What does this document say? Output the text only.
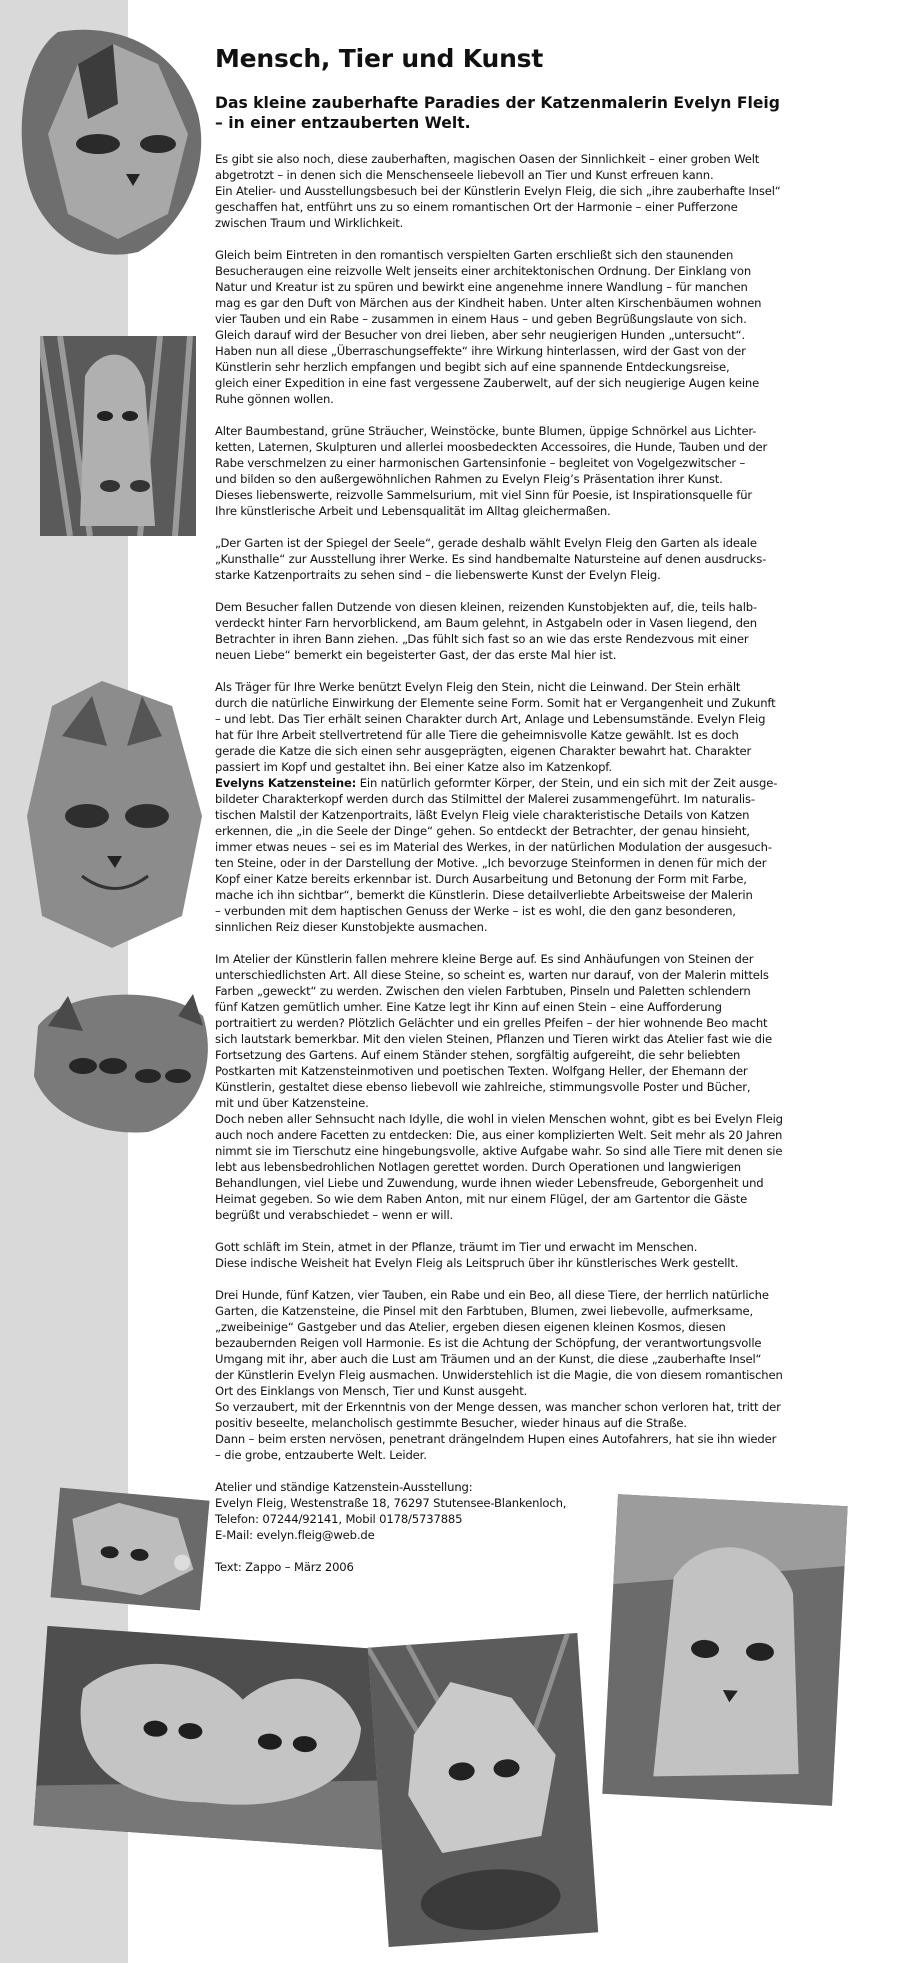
Mensch, Tier und Kunst
Das kleine zauberhafte Paradies der Katzenmalerin Evelyn Fleig
– in einer entzauberten Welt.

Es gibt sie also noch, diese zauberhaften, magischen Oasen der Sinnlichkeit – einer groben Welt
abgetrotzt – in denen sich die Menschenseele liebevoll an Tier und Kunst erfreuen kann.
Ein Atelier- und Ausstellungsbesuch bei der Künstlerin Evelyn Fleig, die sich „ihre zauberhafte Insel“
geschaffen hat, entführt uns zu so einem romantischen Ort der Harmonie – einer Pufferzone
zwischen Traum und Wirklichkeit.

Gleich beim Eintreten in den romantisch verspielten Garten erschließt sich den staunenden
Besucheraugen eine reizvolle Welt jenseits einer architektonischen Ordnung. Der Einklang von
Natur und Kreatur ist zu spüren und bewirkt eine angenehme innere Wandlung – für manchen
mag es gar den Duft von Märchen aus der Kindheit haben. Unter alten Kirschenbäumen wohnen
vier Tauben und ein Rabe – zusammen in einem Haus – und geben Begrüßungslaute von sich.
Gleich darauf wird der Besucher von drei lieben, aber sehr neugierigen Hunden „untersucht“.
Haben nun all diese „Überraschungseffekte“ ihre Wirkung hinterlassen, wird der Gast von der
Künstlerin sehr herzlich empfangen und begibt sich auf eine spannende Entdeckungsreise,
gleich einer Expedition in eine fast vergessene Zauberwelt, auf der sich neugierige Augen keine
Ruhe gönnen wollen.

Alter Baumbestand, grüne Sträucher, Weinstöcke, bunte Blumen, üppige Schnörkel aus Lichter-
ketten, Laternen, Skulpturen und allerlei moosbedeckten Accessoires, die Hunde, Tauben und der
Rabe verschmelzen zu einer harmonischen Gartensinfonie – begleitet von Vogelgezwitscher –
und bilden so den außergewöhnlichen Rahmen zu Evelyn Fleig’s Präsentation ihrer Kunst.
Dieses liebenswerte, reizvolle Sammelsurium, mit viel Sinn für Poesie, ist Inspirationsquelle für
Ihre künstlerische Arbeit und Lebensqualität im Alltag gleichermaßen.

„Der Garten ist der Spiegel der Seele“, gerade deshalb wählt Evelyn Fleig den Garten als ideale
„Kunsthalle“ zur Ausstellung ihrer Werke. Es sind handbemalte Natursteine auf denen ausdrucks-
starke Katzenportraits zu sehen sind – die liebenswerte Kunst der Evelyn Fleig.

Dem Besucher fallen Dutzende von diesen kleinen, reizenden Kunstobjekten auf, die, teils halb-
verdeckt hinter Farn hervorblickend, am Baum gelehnt, in Astgabeln oder in Vasen liegend, den
Betrachter in ihren Bann ziehen. „Das fühlt sich fast so an wie das erste Rendezvous mit einer
neuen Liebe“ bemerkt ein begeisterter Gast, der das erste Mal hier ist.

Als Träger für Ihre Werke benützt Evelyn Fleig den Stein, nicht die Leinwand. Der Stein erhält
durch die natürliche Einwirkung der Elemente seine Form. Somit hat er Vergangenheit und Zukunft
– und lebt. Das Tier erhält seinen Charakter durch Art, Anlage und Lebensumstände. Evelyn Fleig
hat für Ihre Arbeit stellvertretend für alle Tiere die geheimnisvolle Katze gewählt. Ist es doch
gerade die Katze die sich einen sehr ausgeprägten, eigenen Charakter bewahrt hat. Charakter
passiert im Kopf und gestaltet ihn. Bei einer Katze also im Katzenkopf.
Evelyns Katzensteine: Ein natürlich geformter Körper, der Stein, und ein sich mit der Zeit ausge-
bildeter Charakterkopf werden durch das Stilmittel der Malerei zusammengeführt. Im naturalis-
tischen Malstil der Katzenportraits, läßt Evelyn Fleig viele charakteristische Details von Katzen
erkennen, die „in die Seele der Dinge“ gehen. So entdeckt der Betrachter, der genau hinsieht,
immer etwas neues – sei es im Material des Werkes, in der natürlichen Modulation der ausgesuch-
ten Steine, oder in der Darstellung der Motive. „Ich bevorzuge Steinformen in denen für mich der
Kopf einer Katze bereits erkennbar ist. Durch Ausarbeitung und Betonung der Form mit Farbe,
mache ich ihn sichtbar“, bemerkt die Künstlerin. Diese detailverliebte Arbeitsweise der Malerin
– verbunden mit dem haptischen Genuss der Werke – ist es wohl, die den ganz besonderen,
sinnlichen Reiz dieser Kunstobjekte ausmachen.

Im Atelier der Künstlerin fallen mehrere kleine Berge auf. Es sind Anhäufungen von Steinen der
unterschiedlichsten Art. All diese Steine, so scheint es, warten nur darauf, von der Malerin mittels
Farben „geweckt“ zu werden. Zwischen den vielen Farbtuben, Pinseln und Paletten schlendern
fünf Katzen gemütlich umher. Eine Katze legt ihr Kinn auf einen Stein – eine Aufforderung
portraitiert zu werden? Plötzlich Gelächter und ein grelles Pfeifen – der hier wohnende Beo macht
sich lautstark bemerkbar. Mit den vielen Steinen, Pflanzen und Tieren wirkt das Atelier fast wie die
Fortsetzung des Gartens. Auf einem Ständer stehen, sorgfältig aufgereiht, die sehr beliebten
Postkarten mit Katzensteinmotiven und poetischen Texten. Wolfgang Heller, der Ehemann der
Künstlerin, gestaltet diese ebenso liebevoll wie zahlreiche, stimmungsvolle Poster und Bücher,
mit und über Katzensteine.
Doch neben aller Sehnsucht nach Idylle, die wohl in vielen Menschen wohnt, gibt es bei Evelyn Fleig
auch noch andere Facetten zu entdecken: Die, aus einer komplizierten Welt. Seit mehr als 20 Jahren
nimmt sie im Tierschutz eine hingebungsvolle, aktive Aufgabe wahr. So sind alle Tiere mit denen sie
lebt aus lebensbedrohlichen Notlagen gerettet worden. Durch Operationen und langwierigen
Behandlungen, viel Liebe und Zuwendung, wurde ihnen wieder Lebensfreude, Geborgenheit und
Heimat gegeben. So wie dem Raben Anton, mit nur einem Flügel, der am Gartentor die Gäste
begrüßt und verabschiedet – wenn er will.

Gott schläft im Stein, atmet in der Pflanze, träumt im Tier und erwacht im Menschen.
Diese indische Weisheit hat Evelyn Fleig als Leitspruch über ihr künstlerisches Werk gestellt.

Drei Hunde, fünf Katzen, vier Tauben, ein Rabe und ein Beo, all diese Tiere, der herrlich natürliche
Garten, die Katzensteine, die Pinsel mit den Farbtuben, Blumen, zwei liebevolle, aufmerksame,
„zweibeinige“ Gastgeber und das Atelier, ergeben diesen eigenen kleinen Kosmos, diesen
bezaubernden Reigen voll Harmonie. Es ist die Achtung der Schöpfung, der verantwortungsvolle
Umgang mit ihr, aber auch die Lust am Träumen und an der Kunst, die diese „zauberhafte Insel“
der Künstlerin Evelyn Fleig ausmachen. Unwiderstehlich ist die Magie, die von diesem romantischen
Ort des Einklangs von Mensch, Tier und Kunst ausgeht.
So verzaubert, mit der Erkenntnis von der Menge dessen, was mancher schon verloren hat, tritt der
positiv beseelte, melancholisch gestimmte Besucher, wieder hinaus auf die Straße.
Dann – beim ersten nervösen, penetrant drängelndem Hupen eines Autofahrers, hat sie ihn wieder
– die grobe, entzauberte Welt. Leider.

Atelier und ständige Katzenstein-Ausstellung:
Evelyn Fleig, Westenstraße 18, 76297 Stutensee-Blankenloch,
Telefon: 07244/92141, Mobil 0178/5737885
E-Mail: evelyn.fleig@web.de

Text: Zappo – März 2006
